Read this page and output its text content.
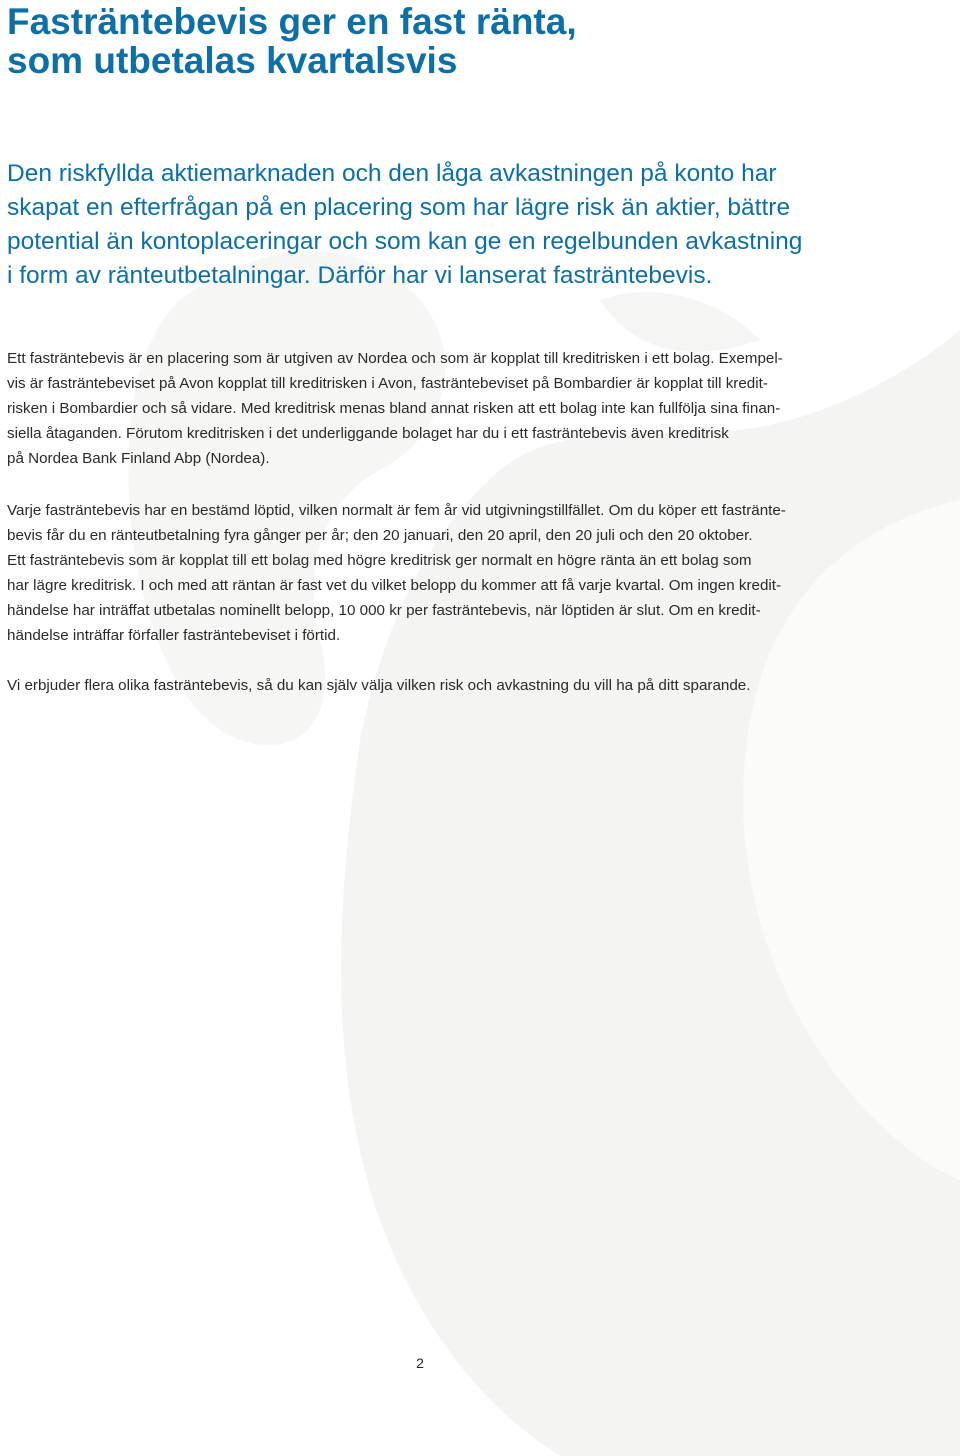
Fasträntebevis ger en fast ränta,
som utbetalas kvartalsvis

Den riskfyllda aktiemarknaden och den låga avkastningen på konto har
skapat en efterfrågan på en placering som har lägre risk än aktier, bättre
potential än kontoplaceringar och som kan ge en regelbunden avkastning
i form av ränteutbetalningar. Därför har vi lanserat fasträntebevis.

Ett fasträntebevis är en placering som är utgiven av Nordea och som är kopplat till kreditrisken i ett bolag. Exempel-
vis är fasträntebeviset på Avon kopplat till kreditrisken i Avon, fasträntebeviset på Bombardier är kopplat till kredit-
risken i Bombardier och så vidare. Med kreditrisk menas bland annat risken att ett bolag inte kan fullfölja sina finan-
siella åtaganden. Förutom kreditrisken i det underliggande bolaget har du i ett fasträntebevis även kreditrisk
på Nordea Bank Finland Abp (Nordea).

Varje fasträntebevis har en bestämd löptid, vilken normalt är fem år vid utgivningstillfället. Om du köper ett fastränte-
bevis får du en ränteutbetalning fyra gånger per år; den 20 januari, den 20 april, den 20 juli och den 20 oktober.
Ett fasträntebevis som är kopplat till ett bolag med högre kreditrisk ger normalt en högre ränta än ett bolag som
har lägre kreditrisk. I och med att räntan är fast vet du vilket belopp du kommer att få varje kvartal. Om ingen kredit-
händelse har inträffat utbetalas nominellt belopp, 10 000 kr per fasträntebevis, när löptiden är slut. Om en kredit-
händelse inträffar förfaller fasträntebeviset i förtid.

Vi erbjuder flera olika fasträntebevis, så du kan själv välja vilken risk och avkastning du vill ha på ditt sparande.

2
